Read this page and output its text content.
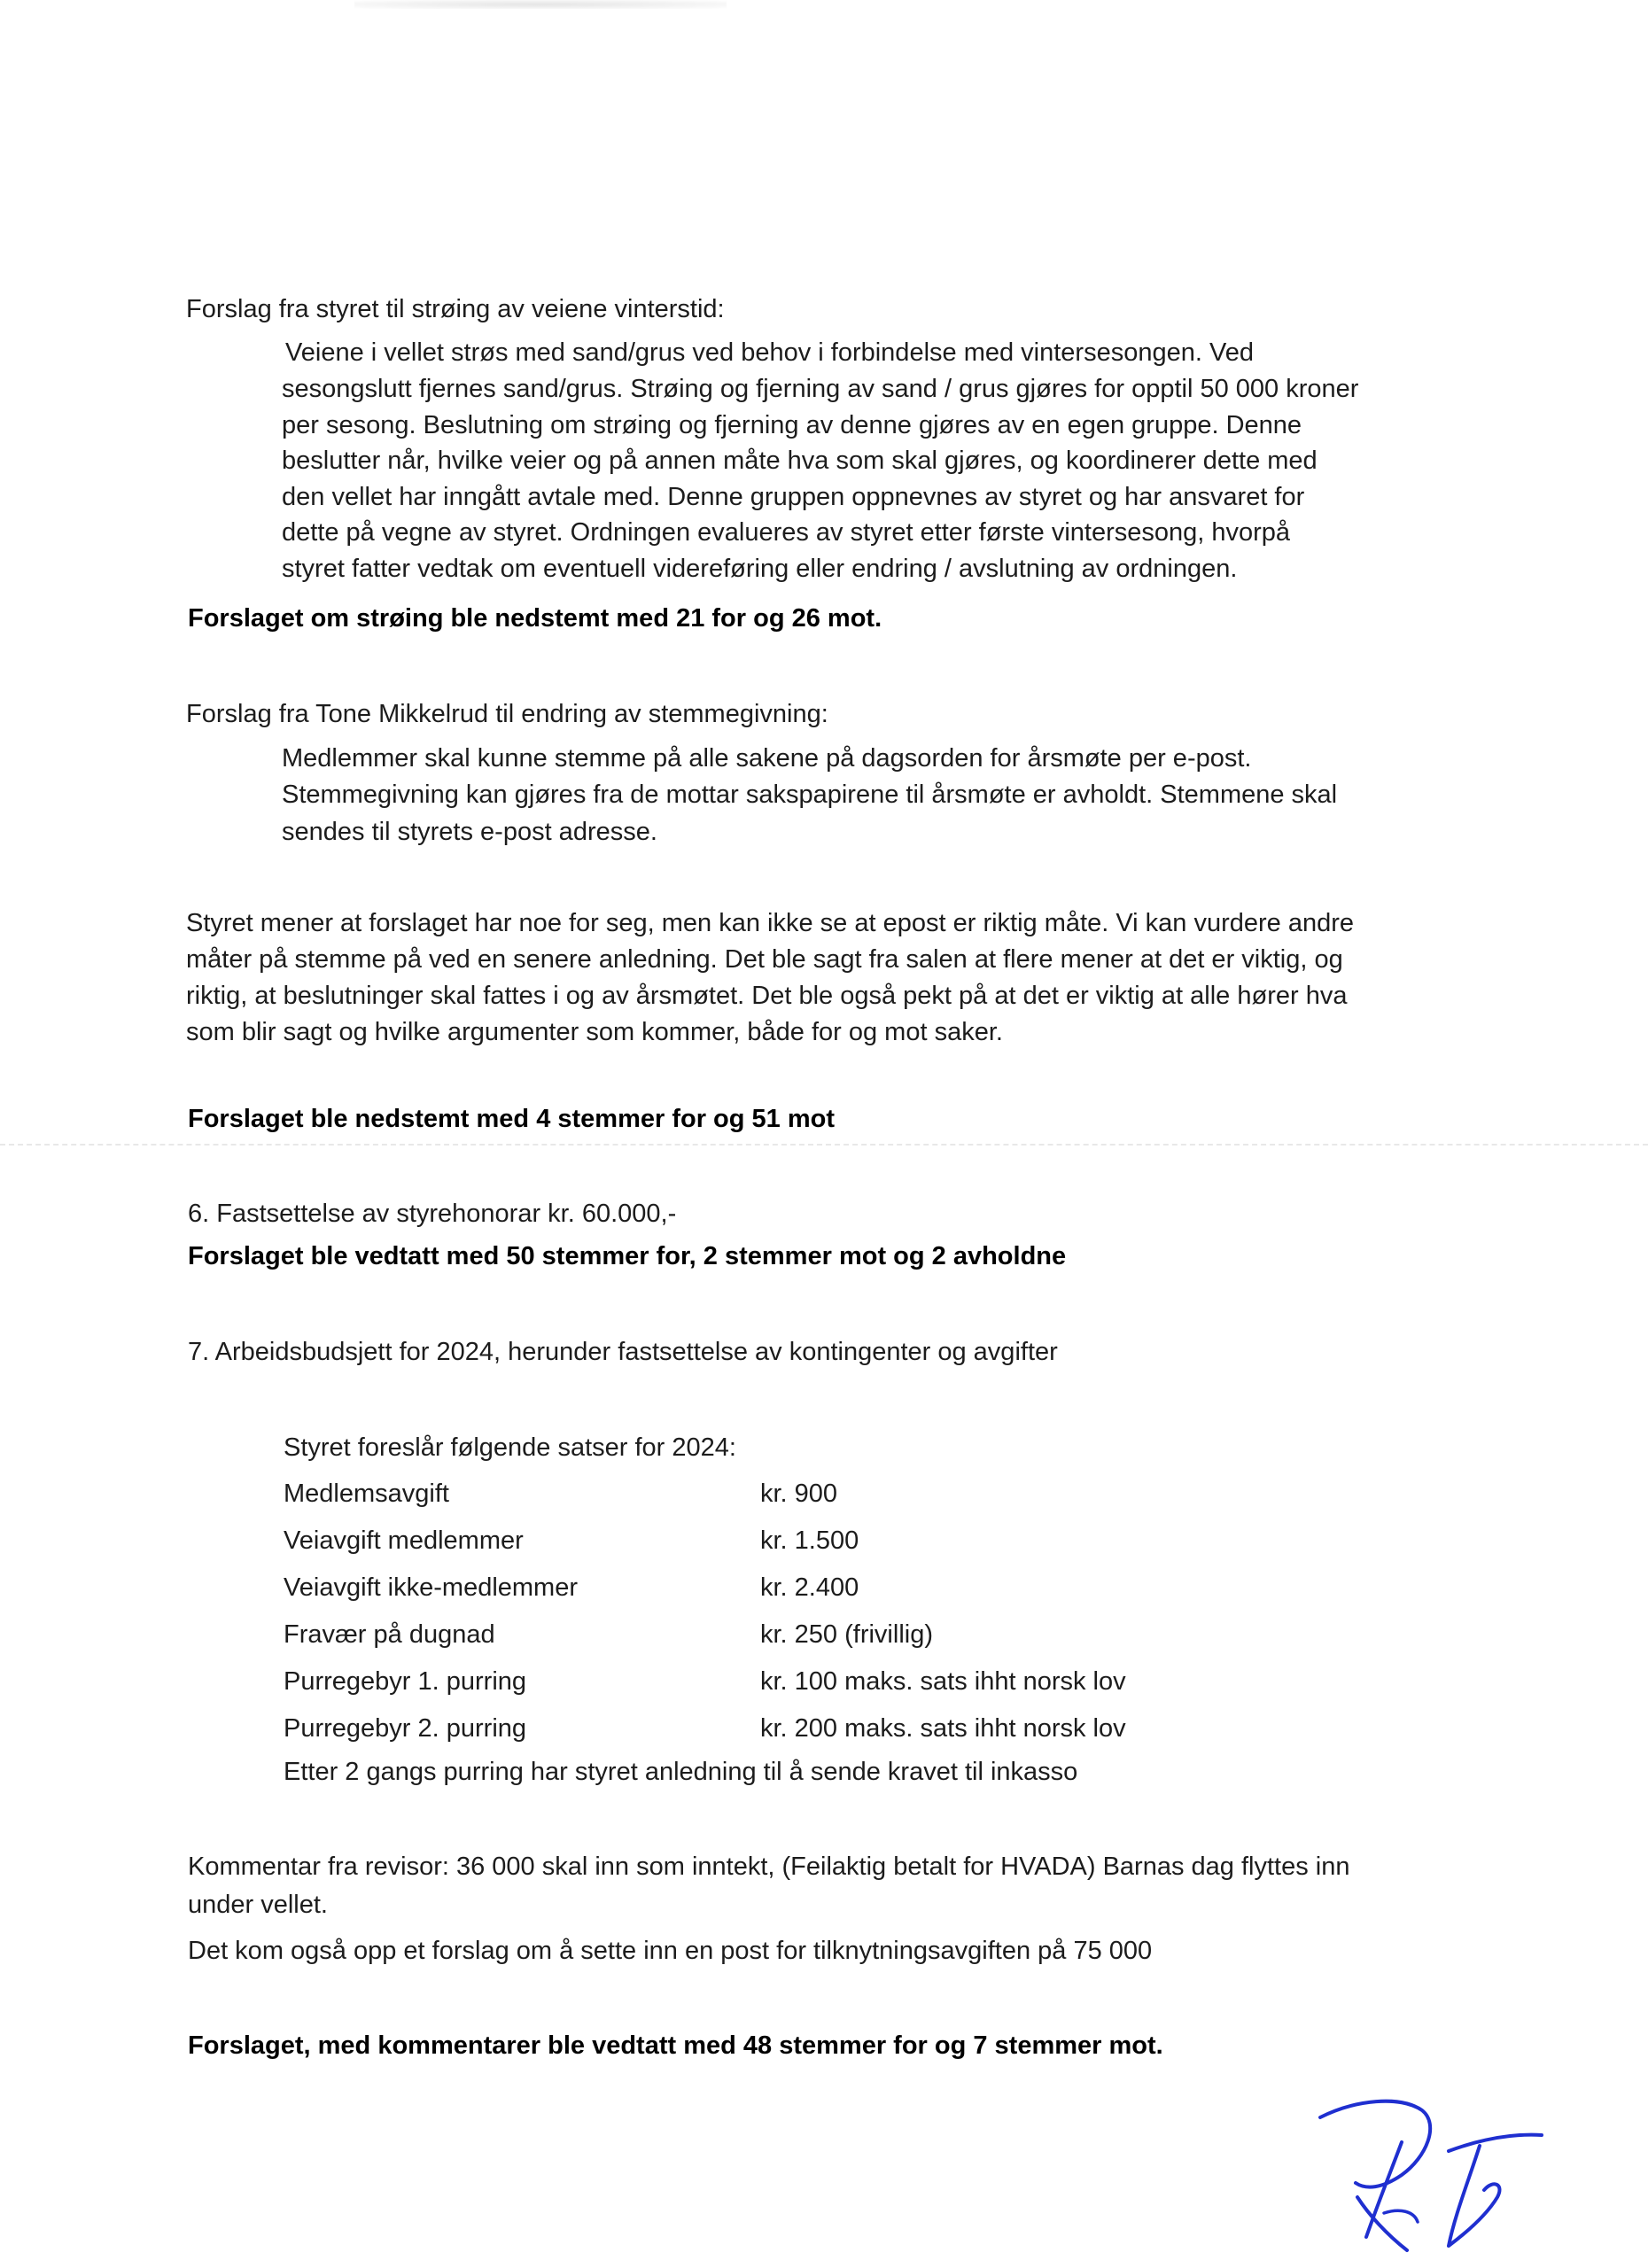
Forslag fra styret til strøing av veiene vinterstid:

Veiene i vellet strøs med sand/grus ved behov i forbindelse med vintersesongen. Ved

sesongslutt fjernes sand/grus. Strøing og fjerning av sand / grus gjøres for opptil 50 000 kroner

per sesong. Beslutning om strøing og fjerning av denne gjøres av en egen gruppe. Denne

beslutter når, hvilke veier og på annen måte hva som skal gjøres, og koordinerer dette med

den vellet har inngått avtale med. Denne gruppen oppnevnes av styret og har ansvaret for

dette på vegne av styret. Ordningen evalueres av styret etter første vintersesong, hvorpå

styret fatter vedtak om eventuell videreføring eller endring / avslutning av ordningen.

Forslaget om strøing ble nedstemt med 21 for og 26 mot.

Forslag fra Tone Mikkelrud til endring av stemmegivning:

Medlemmer skal kunne stemme på alle sakene på dagsorden for årsmøte per e-post.

Stemmegivning kan gjøres fra de mottar sakspapirene til årsmøte er avholdt. Stemmene skal

sendes til styrets e-post adresse.

Styret mener at forslaget har noe for seg, men kan ikke se at epost er riktig måte. Vi kan vurdere andre

måter på stemme på ved en senere anledning. Det ble sagt fra salen at flere mener at det er viktig, og

riktig, at beslutninger skal fattes i og av årsmøtet. Det ble også pekt på at det er viktig at alle hører hva

som blir sagt og hvilke argumenter som kommer, både for og mot saker.

Forslaget ble nedstemt med 4 stemmer for og 51 mot

6. Fastsettelse av styrehonorar kr. 60.000,-

Forslaget ble vedtatt med 50 stemmer for, 2 stemmer mot og 2 avholdne

7. Arbeidsbudsjett for 2024, herunder fastsettelse av kontingenter og avgifter

Styret foreslår følgende satser for 2024:

Medlemsavgift	kr. 900
Veiavgift medlemmer	kr. 1.500
Veiavgift ikke-medlemmer	kr. 2.400
Fravær på dugnad	kr. 250 (frivillig)
Purregebyr 1. purring	kr. 100 maks. sats ihht norsk lov
Purregebyr 2. purring	kr. 200 maks. sats ihht norsk lov

Etter 2 gangs purring har styret anledning til å sende kravet til inkasso

Kommentar fra revisor: 36 000 skal inn som inntekt, (Feilaktig betalt for HVADA) Barnas dag flyttes inn

under vellet.

Det kom også opp et forslag om å sette inn en post for tilknytningsavgiften på 75 000

Forslaget, med kommentarer ble vedtatt med 48 stemmer for og 7 stemmer mot.
